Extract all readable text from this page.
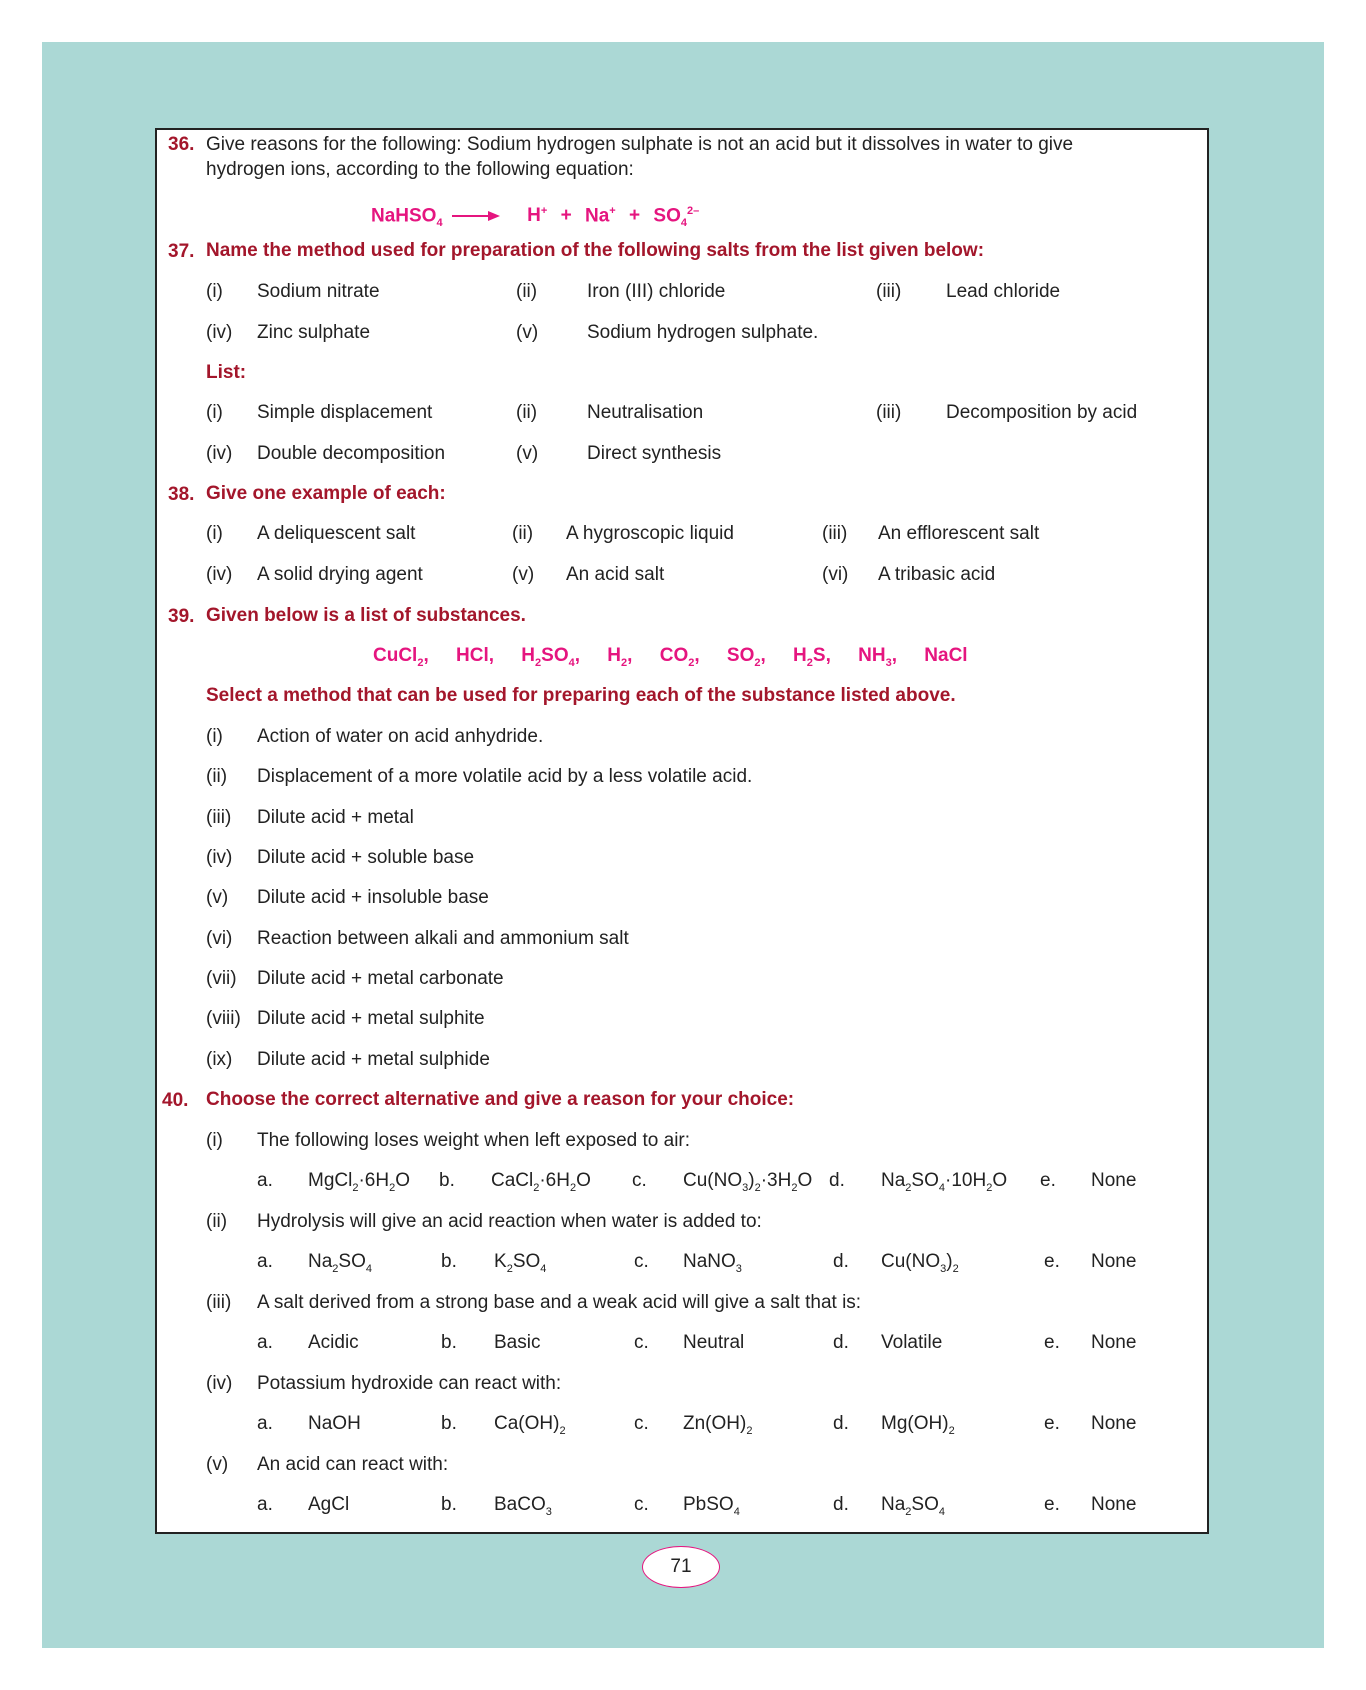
36. Give reasons for the following: Sodium hydrogen sulphate is not an acid but it dissolves in water to give
hydrogen ions, according to the following equation:
NaHSO$_4$ → $H^+ + Na^+ + SO_4^{2-}$
37. Name the method used for preparation of the following salts from the list given below:
(i) Sodium nitrate	(ii)	Iron (III) chloride	(iii) Lead chloride
(iv) Zinc sulphate	(v)	Sodium hydrogen sulphate.
List:
(i) Simple displacement	(ii)	Neutralisation	(iii) Decomposition by acid
(iv) Double decomposition	(v)	Direct synthesis
38. Give one example of each:
(i) A deliquescent salt	(ii) A hygroscopic liquid	(iii) An efflorescent salt
(iv) A solid drying agent	(v) An acid salt	(vi) A tribasic acid
39. Given below is a list of substances.
CuCl$_2$, HCl, $H_2SO_4$, $H_2$, $CO_2$, $SO_2$, $H_2S$, $NH_3$, NaCl
Select a method that can be used for preparing each of the substance listed above.
(i) Action of water on acid anhydride.
(ii) Displacement of a more volatile acid by a less volatile acid.
(iii) Dilute acid + metal
(iv) Dilute acid + soluble base
(v) Dilute acid + insoluble base
(vi) Reaction between alkali and ammonium salt
(vii) Dilute acid + metal carbonate
(viii) Dilute acid + metal sulphite
(ix) Dilute acid + metal sulphide
40. Choose the correct alternative and give a reason for your choice:
(i) The following loses weight when left exposed to air:
a. $MgCl_2\cdot 6H_2O$ b. $CaCl_2\cdot 6H_2O$ c. $Cu(NO_3)_2\cdot 3H_2O$ d. $Na_2SO_4\cdot 10H_2O$ e. None
(ii) Hydrolysis will give an acid reaction when water is added to:
a. $Na_2SO_4$	b. $K_2SO_4$	c. NaNO$_3$	d. $Cu(NO_3)_2$	e. None
(iii) A salt derived from a strong base and a weak acid will give a salt that is:
a. Acidic	b. Basic	c. Neutral	d. Volatile	e. None
(iv) Potassium hydroxide can react with:
a. NaOH	b. $Ca(OH)_2$	c. $Zn(OH)_2$	d. $Mg(OH)_2$	e. None
(v) An acid can react with:
a. AgCl	b. BaCO$_3$	c. PbSO$_4$	d. $Na_2SO_4$	e. None
71
